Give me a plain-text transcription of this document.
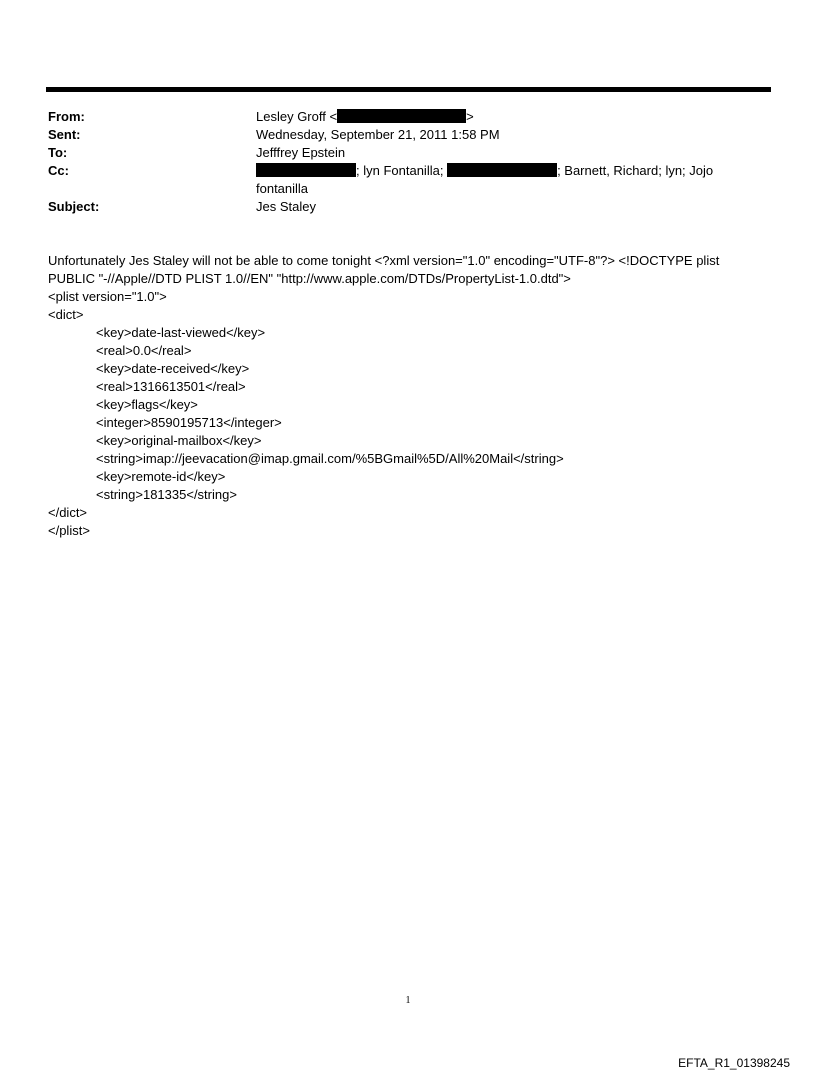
From:	Lesley Groff <	>
Sent:	Wednesday, September 21, 2011 1:58 PM
To:	Jefffrey Epstein
Cc:	; lyn Fontanilla;	; Barnett, Richard; lyn; Jojo fontanilla
Subject:	Jes Staley
Unfortunately Jes Staley will not be able to come tonight <?xml version="1.0" encoding="UTF-8"?> <!DOCTYPE plist PUBLIC "-//Apple//DTD PLIST 1.0//EN" "http://www.apple.com/DTDs/PropertyList-1.0.dtd">
<plist version="1.0">
<dict>
<key>date-last-viewed</key>
<real>0.0</real>
<key>date-received</key>
<real>1316613501</real>
<key>flags</key>
<integer>8590195713</integer>
<key>original-mailbox</key>
<string>imap://jeevacation@imap.gmail.com/%5BGmail%5D/All%20Mail</string>
<key>remote-id</key>
<string>181335</string>
</dict>
</plist>
1
EFTA_R1_01398245
